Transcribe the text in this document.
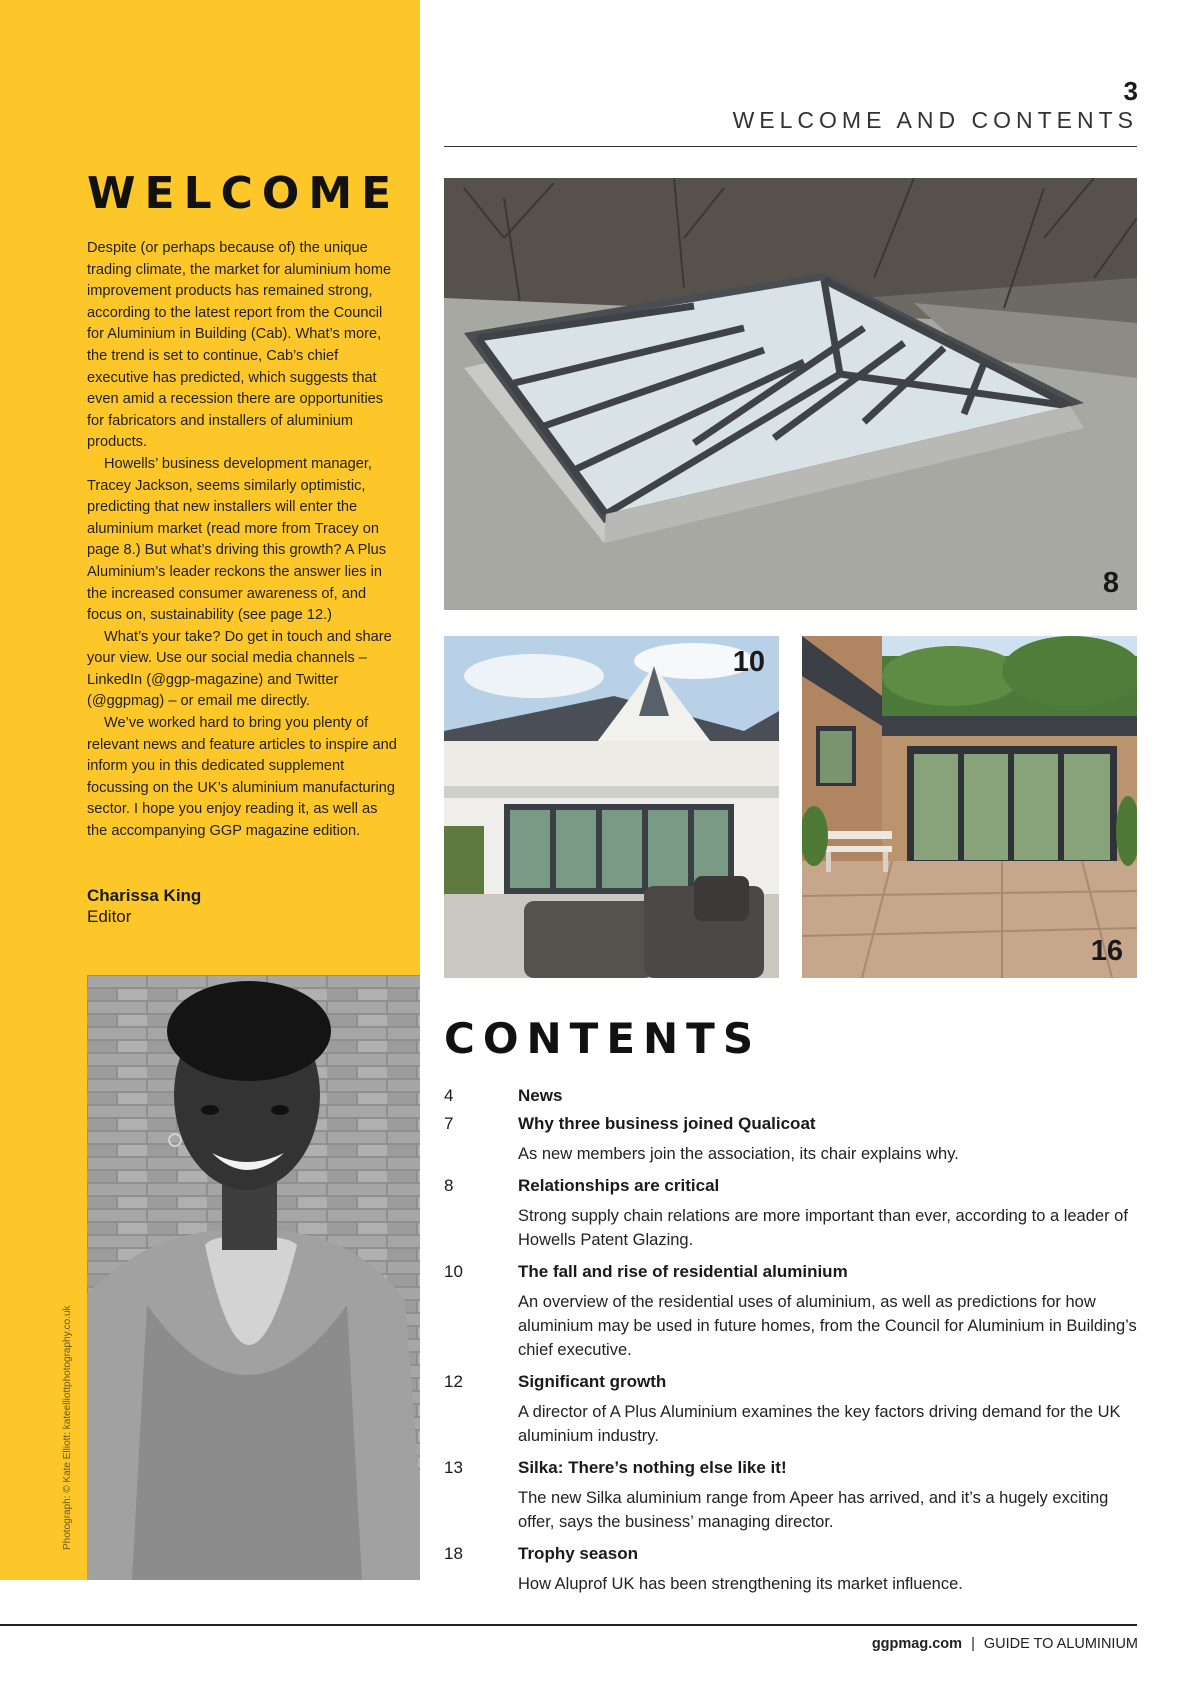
WELCOME

Despite (or perhaps because of) the unique trading climate, the market for aluminium home improvement products has remained strong, according to the latest report from the Council for Aluminium in Building (Cab). What’s more, the trend is set to continue, Cab’s chief executive has predicted, which suggests that even amid a recession there are opportunities for fabricators and installers of aluminium products.

Howells’ business development manager, Tracey Jackson, seems similarly optimistic, predicting that new installers will enter the aluminium market (read more from Tracey on page 8.) But what’s driving this growth? A Plus Aluminium’s leader reckons the answer lies in the increased consumer awareness of, and focus on, sustainability (see page 12.)

What’s your take? Do get in touch and share your view. Use our social media channels – LinkedIn (@ggp-magazine) and Twitter (@ggpmag) – or email me directly.

We’ve worked hard to bring you plenty of relevant news and feature articles to inspire and inform you in this dedicated supplement focussing on the UK’s aluminium manufacturing sector. I hope you enjoy reading it, as well as the accompanying GGP magazine edition.

Charissa King
Editor
Photograph: © Kate Elliott: kateelliottphotography.co.uk
3
WELCOME AND CONTENTS
8
10
16
CONTENTS
4	News
7	Why three business joined Qualicoat
As new members join the association, its chair explains why.
8	Relationships are critical
Strong supply chain relations are more important than ever, according to a leader of Howells Patent Glazing.
10	The fall and rise of residential aluminium
An overview of the residential uses of aluminium, as well as predictions for how aluminium may be used in future homes, from the Council for Aluminium in Building’s chief executive.
12	Significant growth
A director of A Plus Aluminium examines the key factors driving demand for the UK aluminium industry.
13	Silka: There’s nothing else like it!
The new Silka aluminium range from Apeer has arrived, and it’s a hugely exciting offer, says the business’ managing director.
18	Trophy season
How Aluprof UK has been strengthening its market influence.
ggpmag.com | GUIDE TO ALUMINIUM
